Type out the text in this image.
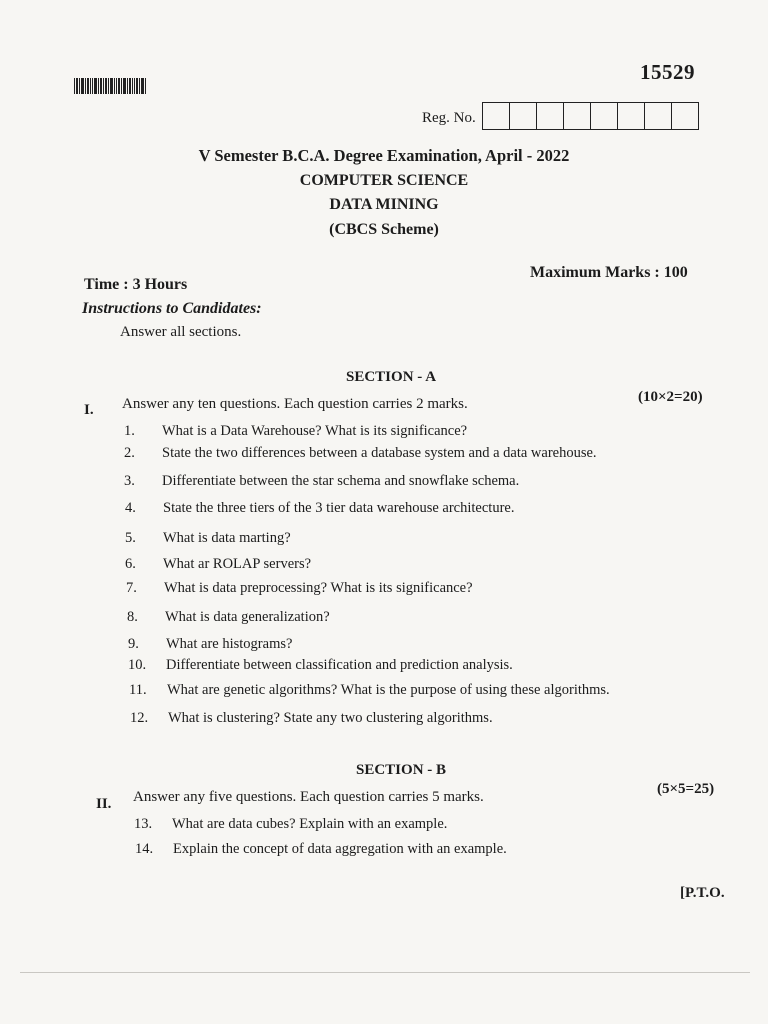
15529
Reg. No.
V Semester B.C.A. Degree Examination, April - 2022
COMPUTER SCIENCE
DATA MINING
(CBCS Scheme)
Time : 3 Hours
Maximum Marks : 100
Instructions to Candidates:
Answer all sections.
SECTION - A
I. Answer any ten questions. Each question carries 2 marks.	(10×2=20)
1.	What is a Data Warehouse? What is its significance?
2.	State the two differences between a database system and a data warehouse.
3.	Differentiate between the star schema and snowflake schema.
4.	State the three tiers of the 3 tier data warehouse architecture.
5.	What is data marting?
6.	What ar ROLAP servers?
7.	What is data preprocessing? What is its significance?
8.	What is data generalization?
9.	What are histograms?
10.	Differentiate between classification and prediction analysis.
11.	What are genetic algorithms? What is the purpose of using these algorithms.
12.	What is clustering? State any two clustering algorithms.
SECTION - B
II. Answer any five questions. Each question carries 5 marks.	(5×5=25)
13.	What are data cubes? Explain with an example.
14.	Explain the concept of data aggregation with an example.
[P.T.O.
